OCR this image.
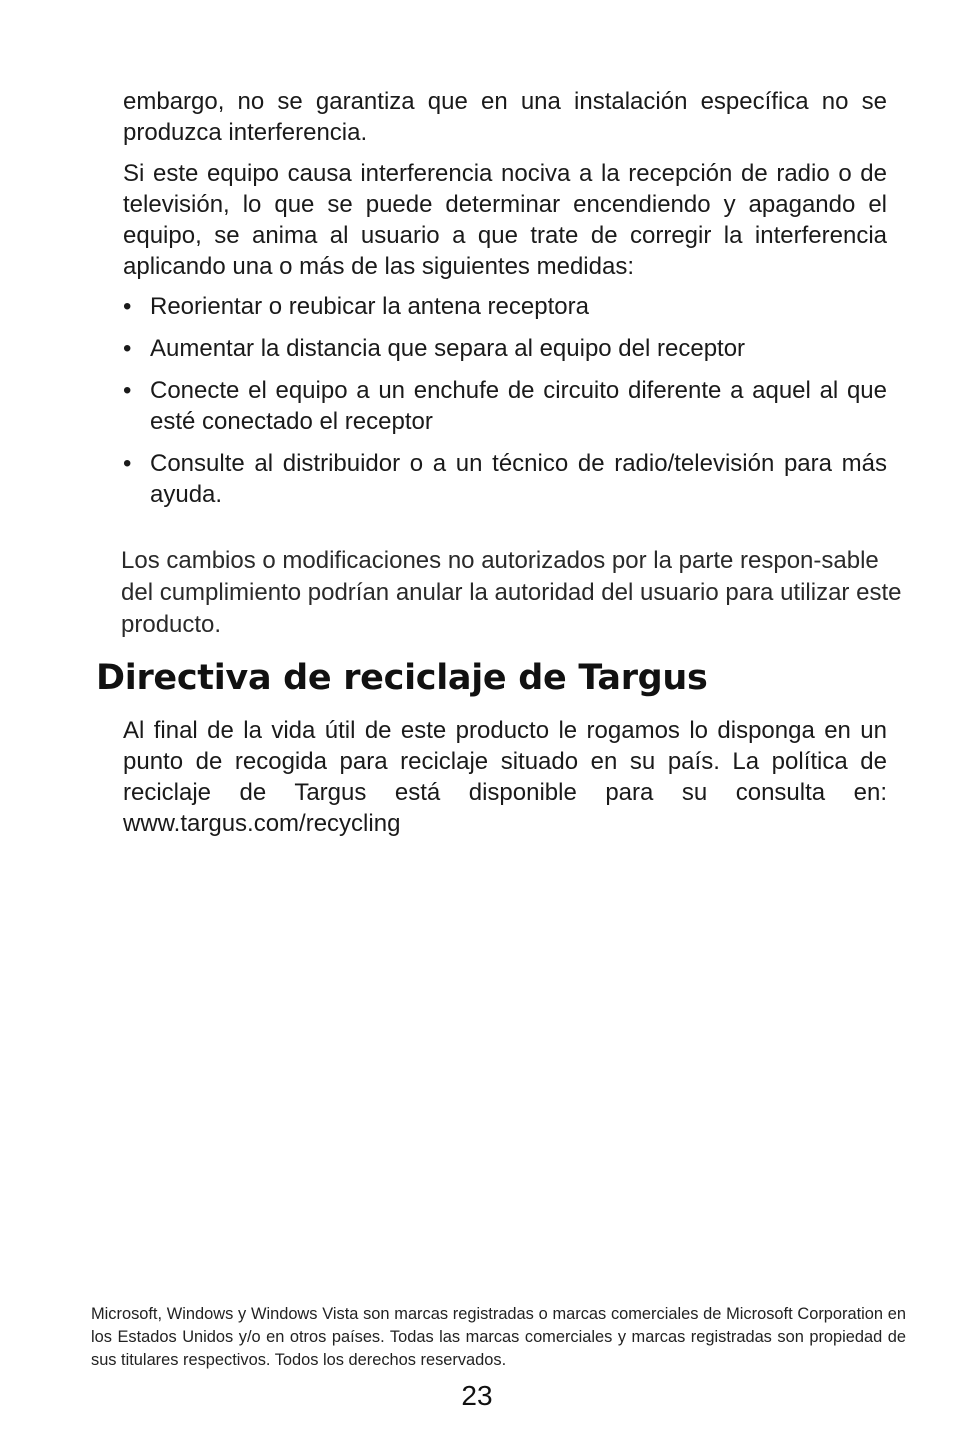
embargo, no se garantiza que en una instalación específica no se produzca interferencia.

Si este equipo causa interferencia nociva a la recepción de radio o de televisión, lo que se puede determinar encendiendo y apagando el equipo, se anima al usuario a que trate de corregir la interferencia aplicando una o más de las siguientes medidas:

• Reorientar o reubicar la antena receptora
• Aumentar la distancia que separa al equipo del receptor
• Conecte el equipo a un enchufe de circuito diferente a aquel al que esté conectado el receptor
• Consulte al distribuidor o a un técnico de radio/televisión para más ayuda.

Los cambios o modificaciones no autorizados por la parte respon-sable del cumplimiento podrían anular la autoridad del usuario para utilizar este producto.

Directiva de reciclaje de Targus

Al final de la vida útil de este producto le rogamos lo disponga en un punto de recogida para reciclaje situado en su país. La política de reciclaje de Targus está disponible para su consulta en: www.targus.com/recycling

Microsoft, Windows y Windows Vista son marcas registradas o marcas comerciales de Microsoft Corporation en los Estados Unidos y/o en otros países. Todas las marcas comerciales y marcas registradas son propiedad de sus titulares respectivos. Todos los derechos reservados.

23
